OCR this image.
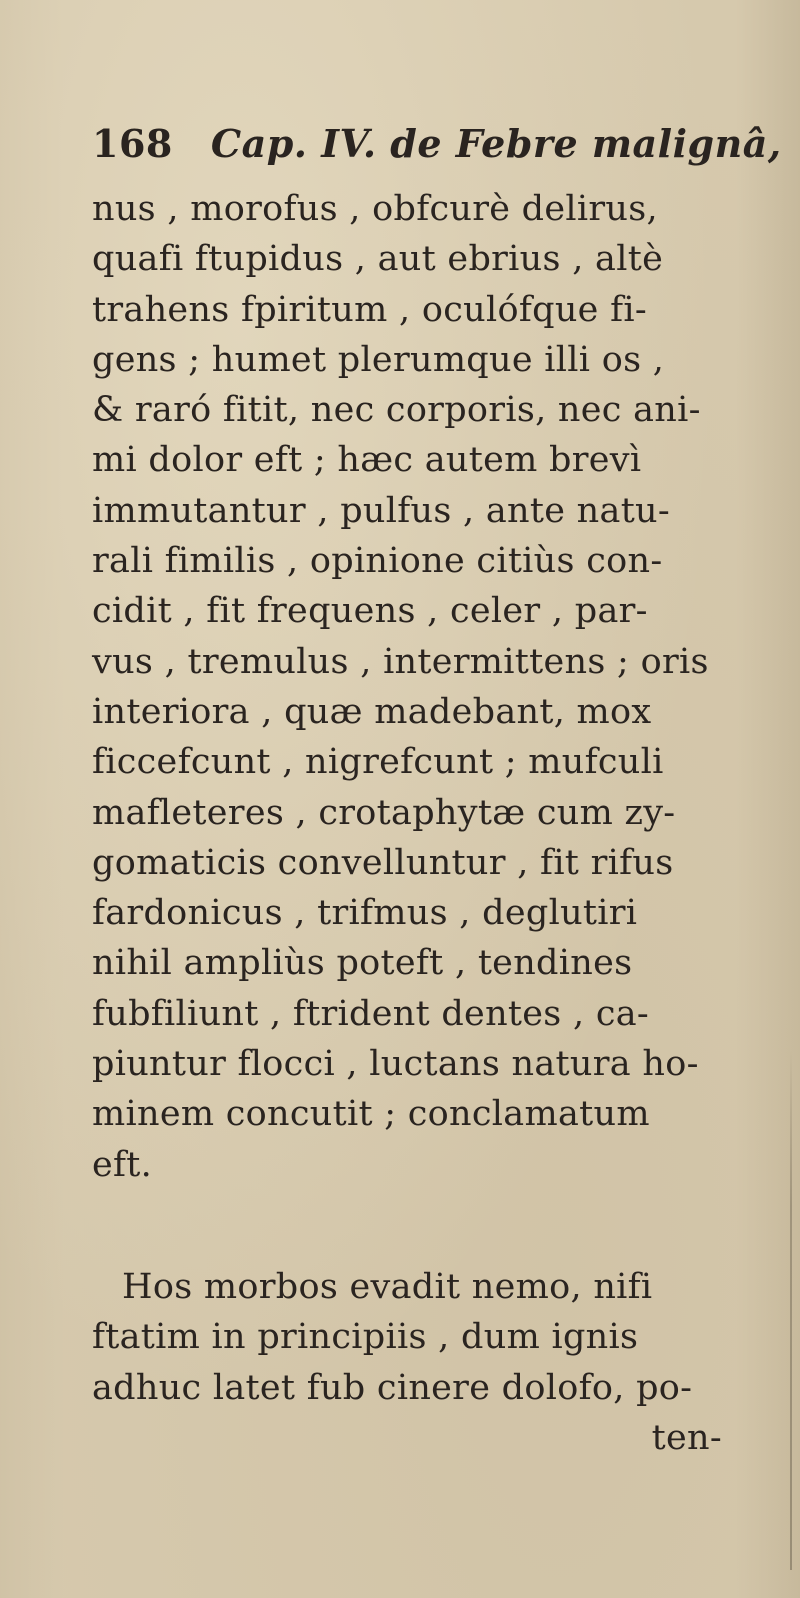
168 Cap. IV. de Febre malignâ,
nus , morofus , obfcurè delirus,
quafi ftupidus , aut ebrius , altè
trahens fpiritum , oculófque fi-
gens ; humet plerumque illi os ,
& raró fitit, nec corporis, nec ani-
mi dolor eft ; hæc autem brevì
immutantur , pulfus , ante natu-
rali fimilis , opinione citiùs con-
cidit , fit frequens , celer , par-
vus , tremulus , intermittens ; oris
interiora , quæ madebant, mox
ficcefcunt , nigrefcunt ; mufculi
mafleteres , crotaphytæ cum zy-
gomaticis convelluntur , fit rifus
fardonicus , trifmus , deglutiri
nihil ampliùs poteft , tendines
fubfiliunt , ftrident dentes , ca-
piuntur flocci , luctans natura ho-
minem concutit ; conclamatum
eft.
Hos morbos evadit nemo, nifi
ftatim in principiis , dum ignis
adhuc latet fub cinere dolofo, po-
ten-
